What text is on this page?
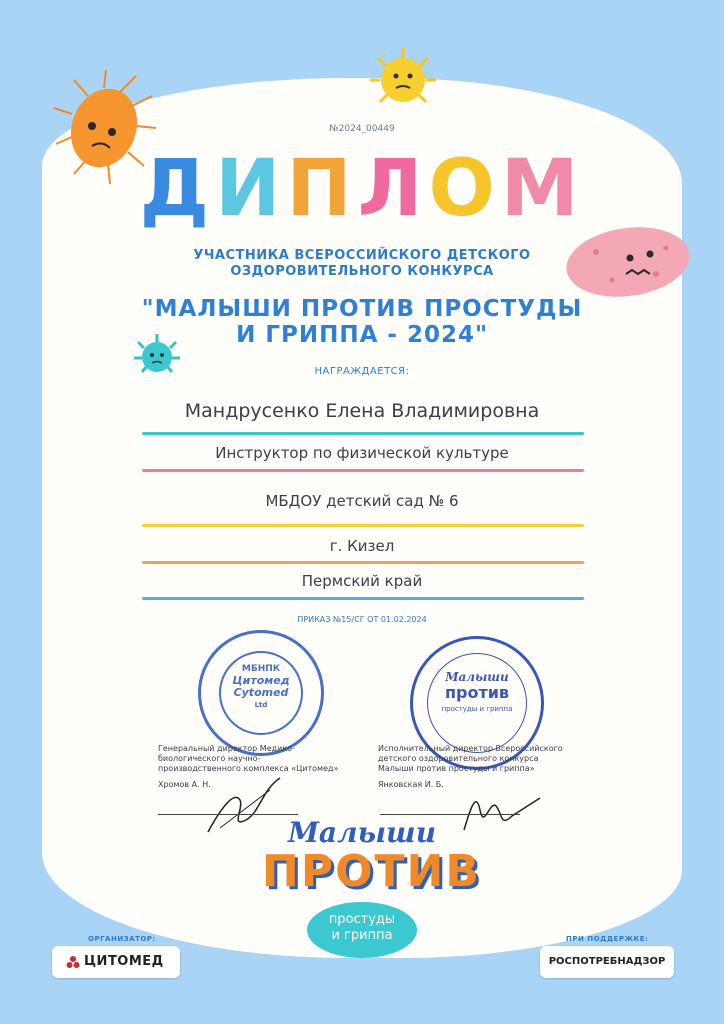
№2024_00449
ДИПЛОМ
УЧАСТНИКА ВСЕРОССИЙСКОГО ДЕТСКОГО
ОЗДОРОВИТЕЛЬНОГО КОНКУРСА
"МАЛЫШИ ПРОТИВ ПРОСТУДЫ
И ГРИППА - 2024"
НАГРАЖДАЕТСЯ:
Мандрусенко Елена Владимировна
Инструктор по физической культуре
МБДОУ детский сад № 6
г. Кизел
Пермский край
ПРИКАЗ №15/СГ ОТ 01.02.2024
МБНПК
Цитомед
Cytomed
Ltd
Малыши
против
простуды и гриппа
Генеральный директор Медико-
биологического научно-
производственного комплекса «Цитомед»
Хромов А. Н.
Исполнительный директор Всероссийского
детского оздоровительного конкурса
Малыши против простуды и гриппа»
Янковская И. Б.
Малыши
ПРОТИВ
простуды
и гриппа
ОРГАНИЗАТОР:
ЦИТОМЕД
ПРИ ПОДДЕРЖКЕ:
РОСПОТРЕБНАДЗОР
